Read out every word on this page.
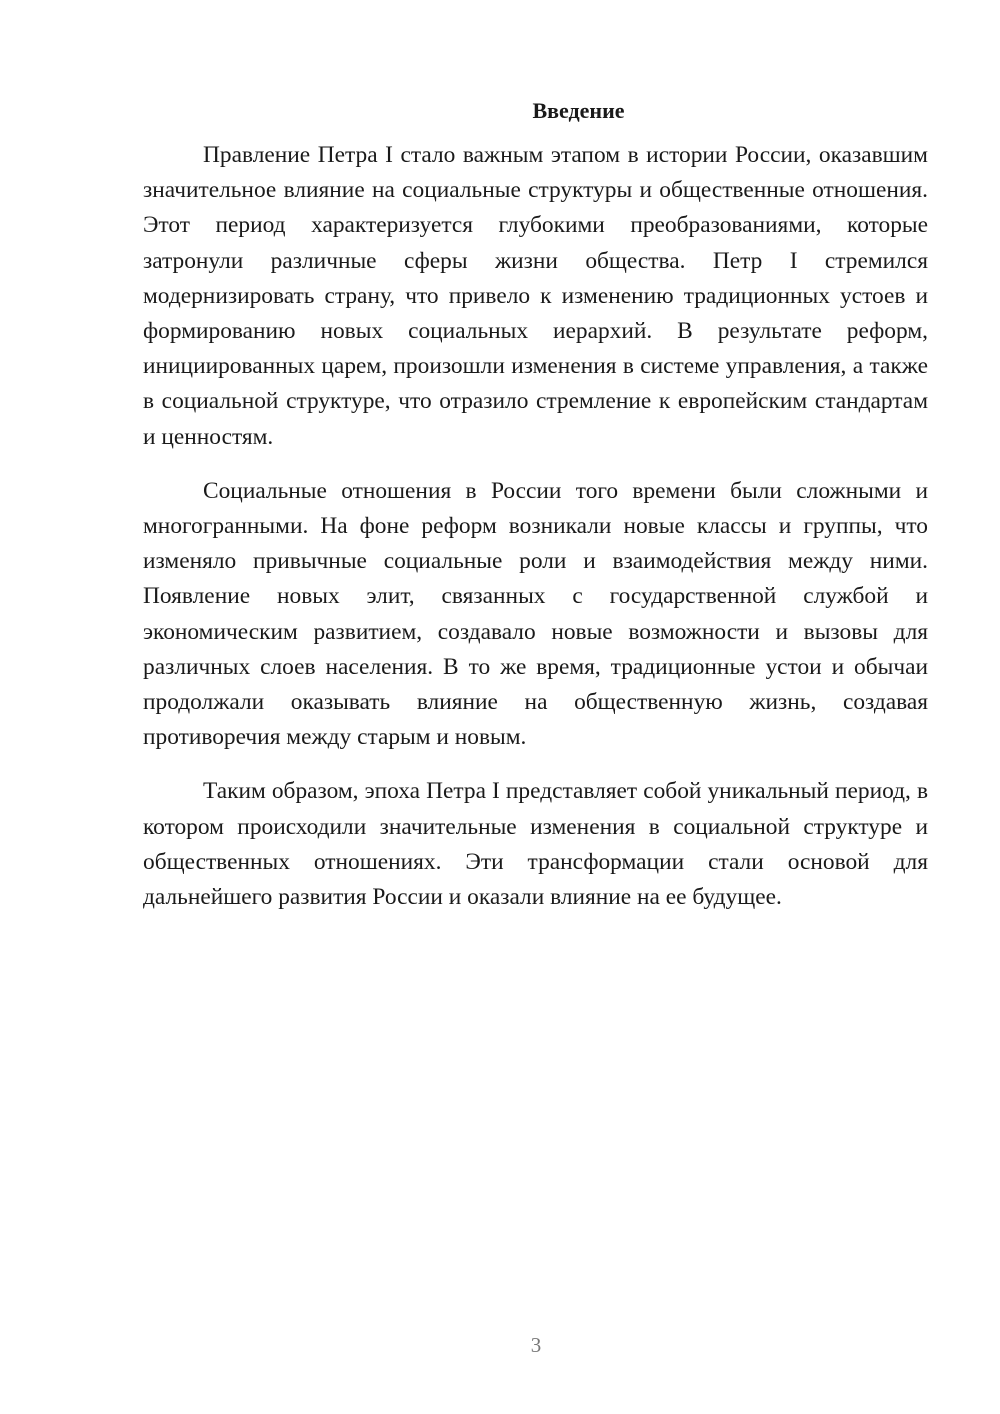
Введение

Правление Петра I стало важным этапом в истории России, оказавшим значительное влияние на социальные структуры и общественные отношения. Этот период характеризуется глубокими преобразованиями, которые затронули различные сферы жизни общества. Петр I стремился модернизировать страну, что привело к изменению традиционных устоев и формированию новых социальных иерархий. В результате реформ, инициированных царем, произошли изменения в системе управления, а также в социальной структуре, что отразило стремление к европейским стандартам и ценностям.

Социальные отношения в России того времени были сложными и многогранными. На фоне реформ возникали новые классы и группы, что изменяло привычные социальные роли и взаимодействия между ними. Появление новых элит, связанных с государственной службой и экономическим развитием, создавало новые возможности и вызовы для различных слоев населения. В то же время, традиционные устои и обычаи продолжали оказывать влияние на общественную жизнь, создавая противоречия между старым и новым.

Таким образом, эпоха Петра I представляет собой уникальный период, в котором происходили значительные изменения в социальной структуре и общественных отношениях. Эти трансформации стали основой для дальнейшего развития России и оказали влияние на ее будущее.

3
